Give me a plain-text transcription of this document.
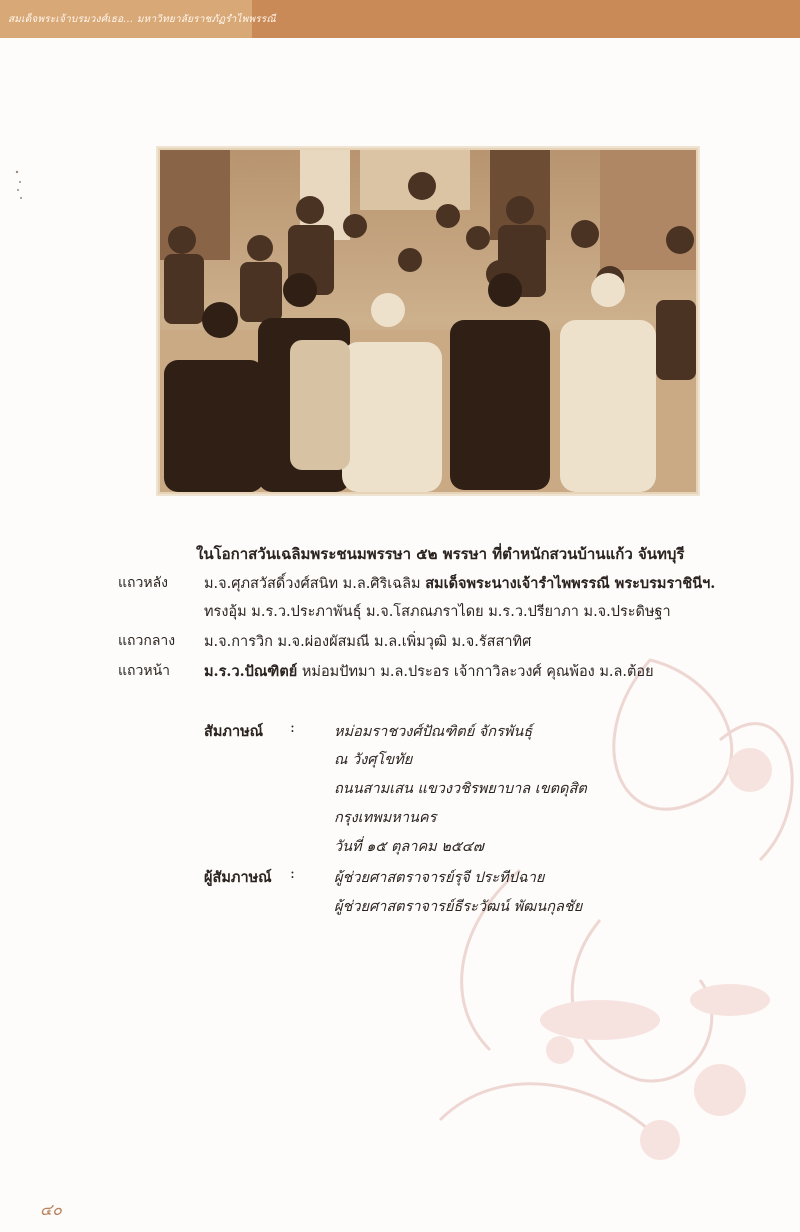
สมเด็จพระเจ้าบรมวงศ์เธอ... มหาวิทยาลัยราชภัฏรำไพพรรณี
ในโอกาสวันเฉลิมพระชนมพรรษา ๕๒ พรรษา ที่ตำหนักสวนบ้านแก้ว จันทบุรี
แถวหลัง ม.จ.ศุภสวัสดิ์วงศ์สนิท ม.ล.ศิริเฉลิม สมเด็จพระนางเจ้ารำไพพรรณี พระบรมราชินีฯ.
ทรงอุ้ม ม.ร.ว.ประภาพันธุ์ ม.จ.โสภณภราไดย ม.ร.ว.ปรียาภา ม.จ.ประดิษฐา
แถวกลาง ม.จ.การวิก ม.จ.ผ่องผัสมณี ม.ล.เพิ่มวุฒิ ม.จ.รัสสาทิศ
แถวหน้า ม.ร.ว.ปัณฑิตย์ หม่อมปัทมา ม.ล.ประอร เจ้ากาวิละวงศ์ คุณพ้อง ม.ล.ต้อย
สัมภาษณ์ :	หม่อมราชวงศ์ปัณฑิตย์ จักรพันธุ์
ณ วังศุโขทัย
ถนนสามเสน แขวงวชิรพยาบาล เขตดุสิต
กรุงเทพมหานคร
วันที่ ๑๕ ตุลาคม ๒๕๔๗
ผู้สัมภาษณ์ :	ผู้ช่วยศาสตราจารย์รุจี ประทีปฉาย
ผู้ช่วยศาสตราจารย์ธีระวัฒน์ พัฒนกุลชัย
๔๐
